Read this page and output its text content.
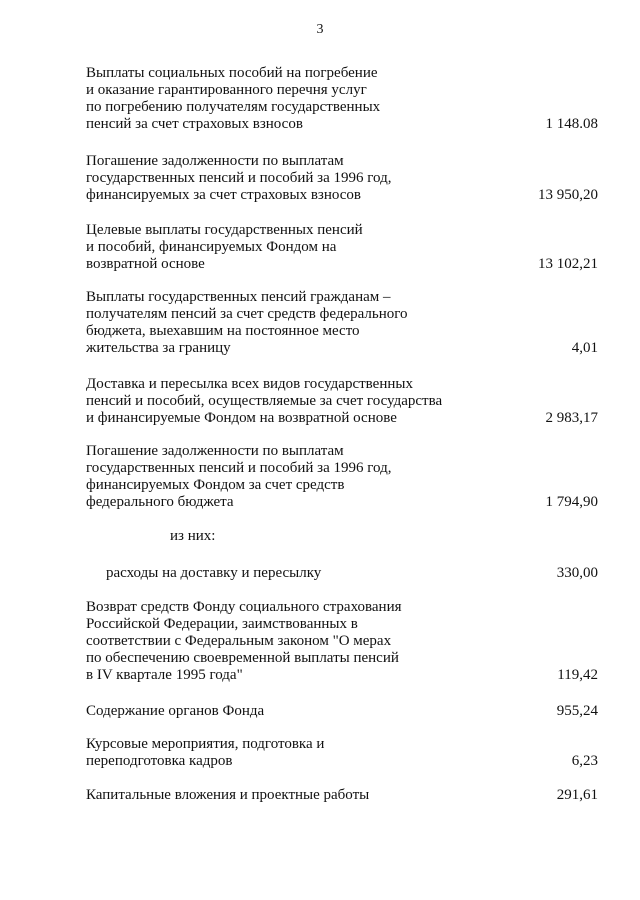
3
Выплаты социальных пособий на погребение
и оказание гарантированного перечня услуг
по погребению получателям государственных
пенсий за счет страховых взносов	1 148.08
Погашение задолженности по выплатам
государственных пенсий и пособий за 1996 год,
финансируемых за счет страховых взносов	13 950,20
Целевые выплаты государственных пенсий
и пособий, финансируемых Фондом на
возвратной основе	13 102,21
Выплаты государственных пенсий гражданам –
получателям пенсий за счет средств федерального
бюджета, выехавшим на постоянное место
жительства за границу	4,01
Доставка и пересылка всех видов государственных
пенсий и пособий, осуществляемые за счет государства
и финансируемые Фондом на возвратной основе	2 983,17
Погашение задолженности по выплатам
государственных пенсий и пособий за 1996 год,
финансируемых Фондом за счет средств
федерального бюджета	1 794,90
из них:
расходы на доставку и пересылку	330,00
Возврат средств Фонду социального страхования
Российской Федерации, заимствованных в
соответствии с Федеральным законом "О мерах
по обеспечению своевременной выплаты пенсий
в IV квартале 1995 года"	119,42
Содержание органов Фонда	955,24
Курсовые мероприятия, подготовка и
переподготовка кадров	6,23
Капитальные вложения и проектные работы	291,61
